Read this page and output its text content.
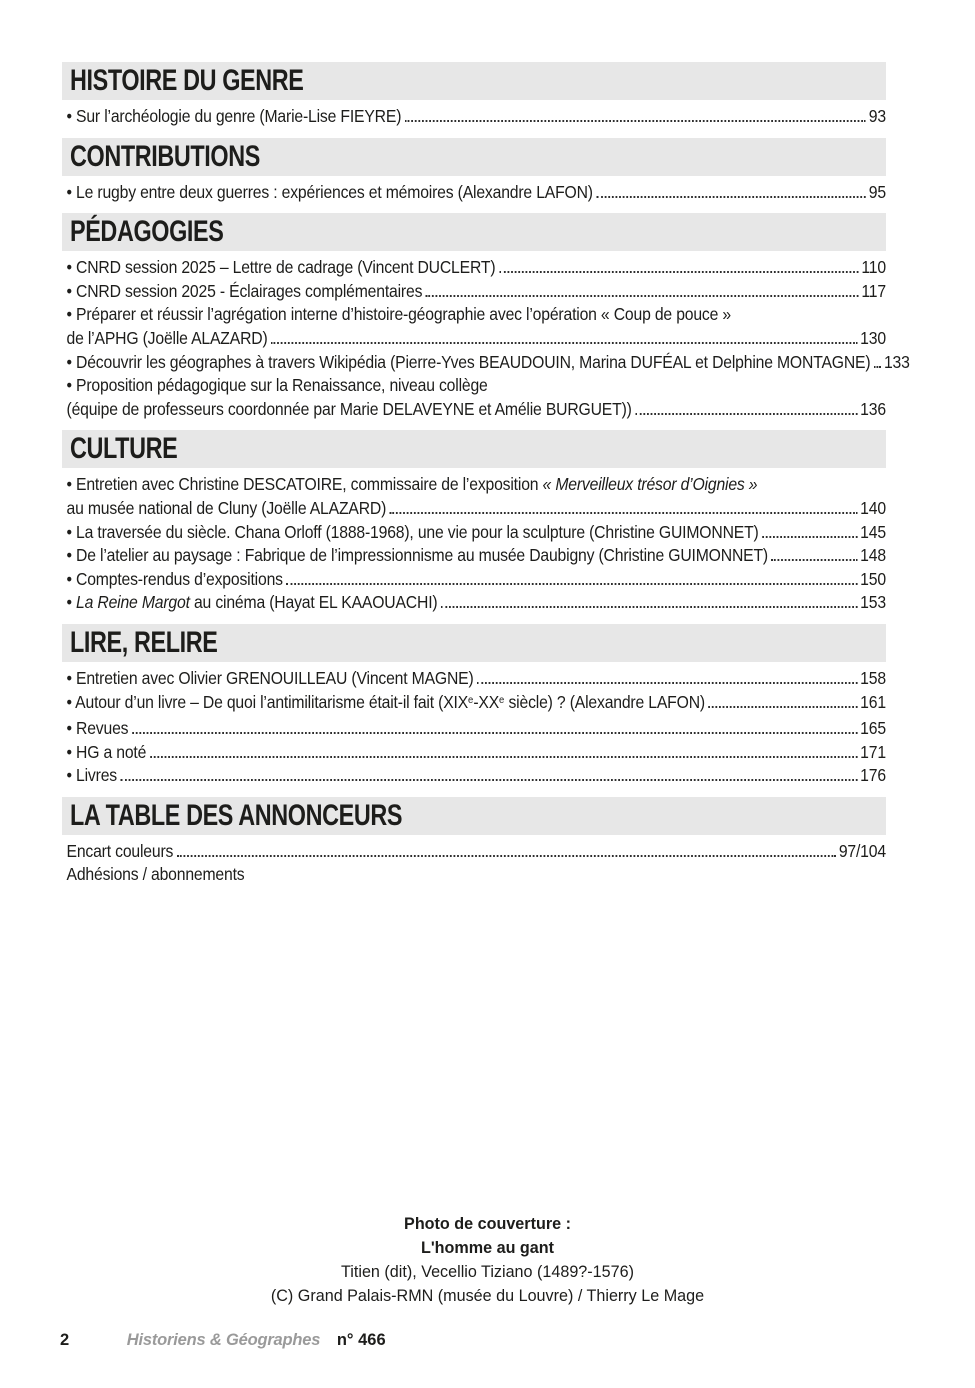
HISTOIRE DU GENRE
• Sur l’archéologie du genre (Marie-Lise FIEYRE)	93
CONTRIBUTIONS
• Le rugby entre deux guerres : expériences et mémoires (Alexandre LAFON)	95
PÉDAGOGIES
• CNRD session 2025 – Lettre de cadrage (Vincent DUCLERT)	110
• CNRD session 2025 - Éclairages complémentaires	117
• Préparer et réussir l’agrégation interne d’histoire-géographie avec l’opération « Coup de pouce »
de l’APHG (Joëlle ALAZARD)	130
• Découvrir les géographes à travers Wikipédia (Pierre-Yves BEAUDOUIN, Marina DUFÉAL et Delphine MONTAGNE) 133
• Proposition pédagogique sur la Renaissance, niveau collège
(équipe de professeurs coordonnée par Marie DELAVEYNE et Amélie BURGUET))	136
CULTURE
• Entretien avec Christine DESCATOIRE, commissaire de l’exposition « Merveilleux trésor d’Oignies »
au musée national de Cluny (Joëlle ALAZARD)	140
• La traversée du siècle. Chana Orloff (1888-1968), une vie pour la sculpture (Christine GUIMONNET)	145
• De l’atelier au paysage : Fabrique de l’impressionnisme au musée Daubigny (Christine GUIMONNET)	148
• Comptes-rendus d’expositions	150
• La Reine Margot au cinéma (Hayat EL KAAOUACHI)	153
LIRE, RELIRE
• Entretien avec Olivier GRENOUILLEAU (Vincent MAGNE)	158
• Autour d’un livre – De quoi l’antimilitarisme était-il fait (XIXe-XXe siècle) ? (Alexandre LAFON)	161
• Revues	165
• HG a noté	171
• Livres	176
LA TABLE DES ANNONCEURS
Encart couleurs	97/104
Adhésions / abonnements

Photo de couverture :

L'homme au gant

Titien (dit), Vecellio Tiziano (1489?-1576)

(C) Grand Palais-RMN (musée du Louvre) / Thierry Le Mage

2	Historiens & Géographes n° 466
